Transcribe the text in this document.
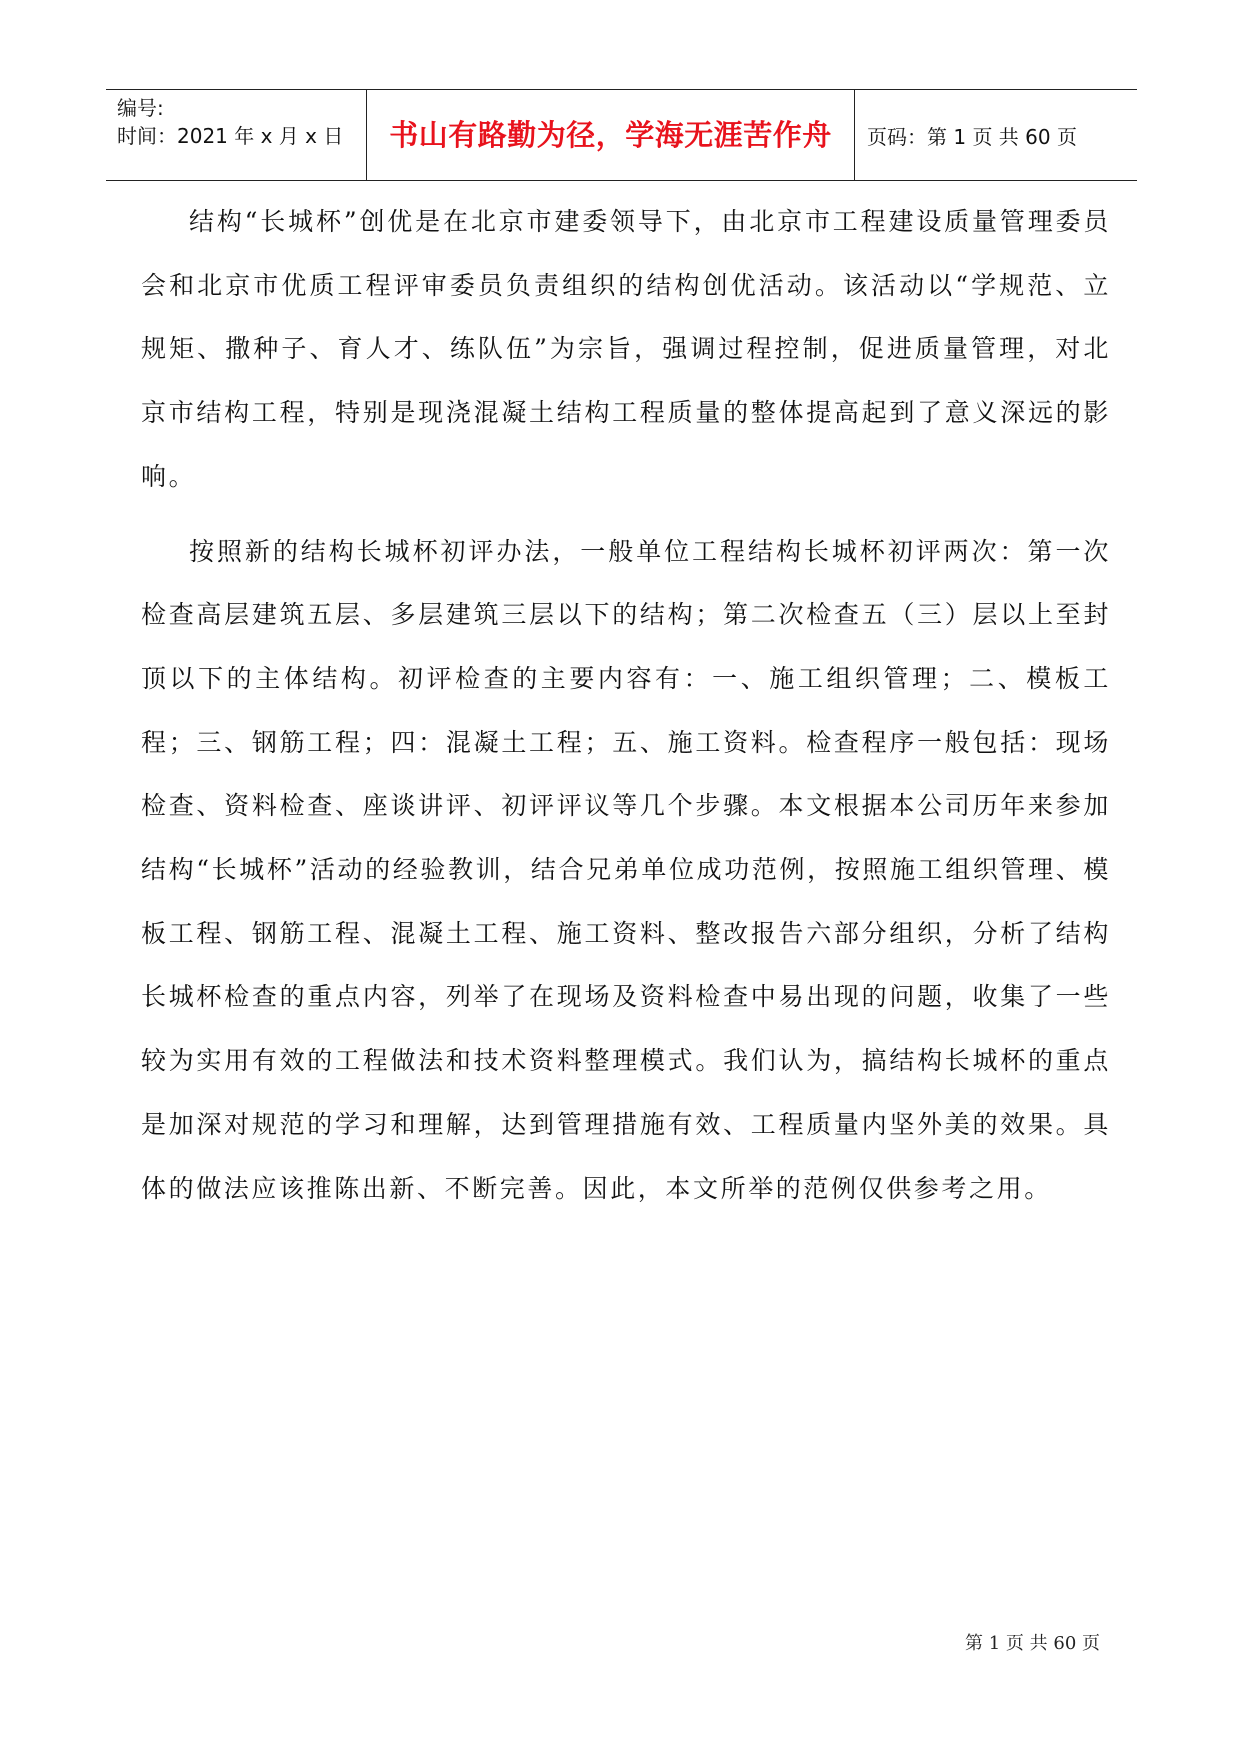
编号:
时间：2021 年 x 月 x 日	书山有路勤为径，学海无涯苦作舟 页码：第 1 页 共 60 页

结构“长城杯”创优是在北京市建委领导下，由北京市工程建设质量管理委员会和北京市优质工程评审委员负责组织的结构创优活动。该活动以“学规范、立规矩、撒种子、育人才、练队伍”为宗旨，强调过程控制，促进质量管理，对北京市结构工程，特别是现浇混凝土结构工程质量的整体提高起到了意义深远的影响。

按照新的结构长城杯初评办法，一般单位工程结构长城杯初评两次：第一次检查高层建筑五层、多层建筑三层以下的结构；第二次检查五（三）层以上至封顶以下的主体结构。初评检查的主要内容有：一、施工组织管理；二、模板工程；三、钢筋工程；四：混凝土工程；五、施工资料。检查程序一般包括：现场检查、资料检查、座谈讲评、初评评议等几个步骤。本文根据本公司历年来参加结构“长城杯”活动的经验教训，结合兄弟单位成功范例，按照施工组织管理、模板工程、钢筋工程、混凝土工程、施工资料、整改报告六部分组织，分析了结构长城杯检查的重点内容，列举了在现场及资料检查中易出现的问题，收集了一些较为实用有效的工程做法和技术资料整理模式。我们认为，搞结构长城杯的重点是加深对规范的学习和理解，达到管理措施有效、工程质量内坚外美的效果。具体的做法应该推陈出新、不断完善。因此，本文所举的范例仅供参考之用。

第 1 页 共 60 页
